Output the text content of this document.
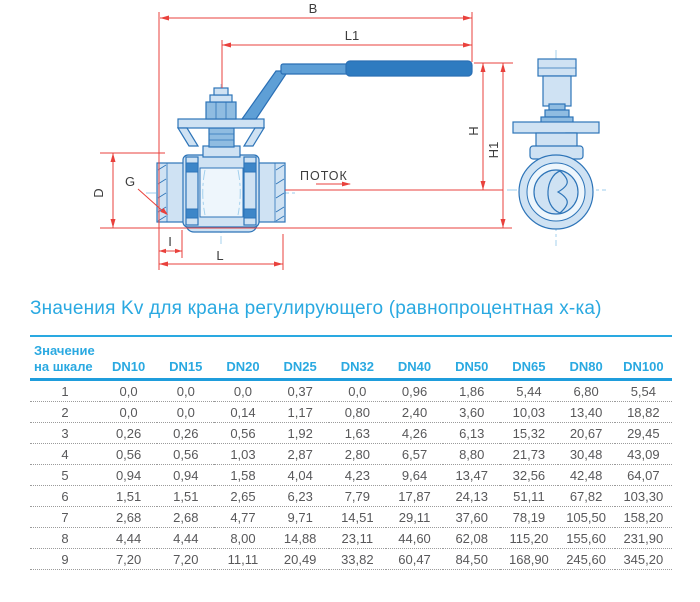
B
L1
H
H1
D
G
I
L
ПОТОК
Значения Kv для крана регулирующего (равнопроцентная х-ка)
Значение
на шкале	DN10	DN15	DN20	DN25	DN32	DN40	DN50	DN65	DN80	DN100
1	0,0	0,0	0,0	0,37	0,0	0,96	1,86	5,44	6,80	5,54
2	0,0	0,0	0,14	1,17	0,80	2,40	3,60	10,03	13,40	18,82
3	0,26	0,26	0,56	1,92	1,63	4,26	6,13	15,32	20,67	29,45
4	0,56	0,56	1,03	2,87	2,80	6,57	8,80	21,73	30,48	43,09
5	0,94	0,94	1,58	4,04	4,23	9,64	13,47	32,56	42,48	64,07
6	1,51	1,51	2,65	6,23	7,79	17,87	24,13	51,11	67,82	103,30
7	2,68	2,68	4,77	9,71	14,51	29,11	37,60	78,19	105,50	158,20
8	4,44	4,44	8,00	14,88	23,11	44,60	62,08	115,20	155,60	231,90
9	7,20	7,20	11,11	20,49	33,82	60,47	84,50	168,90	245,60	345,20
